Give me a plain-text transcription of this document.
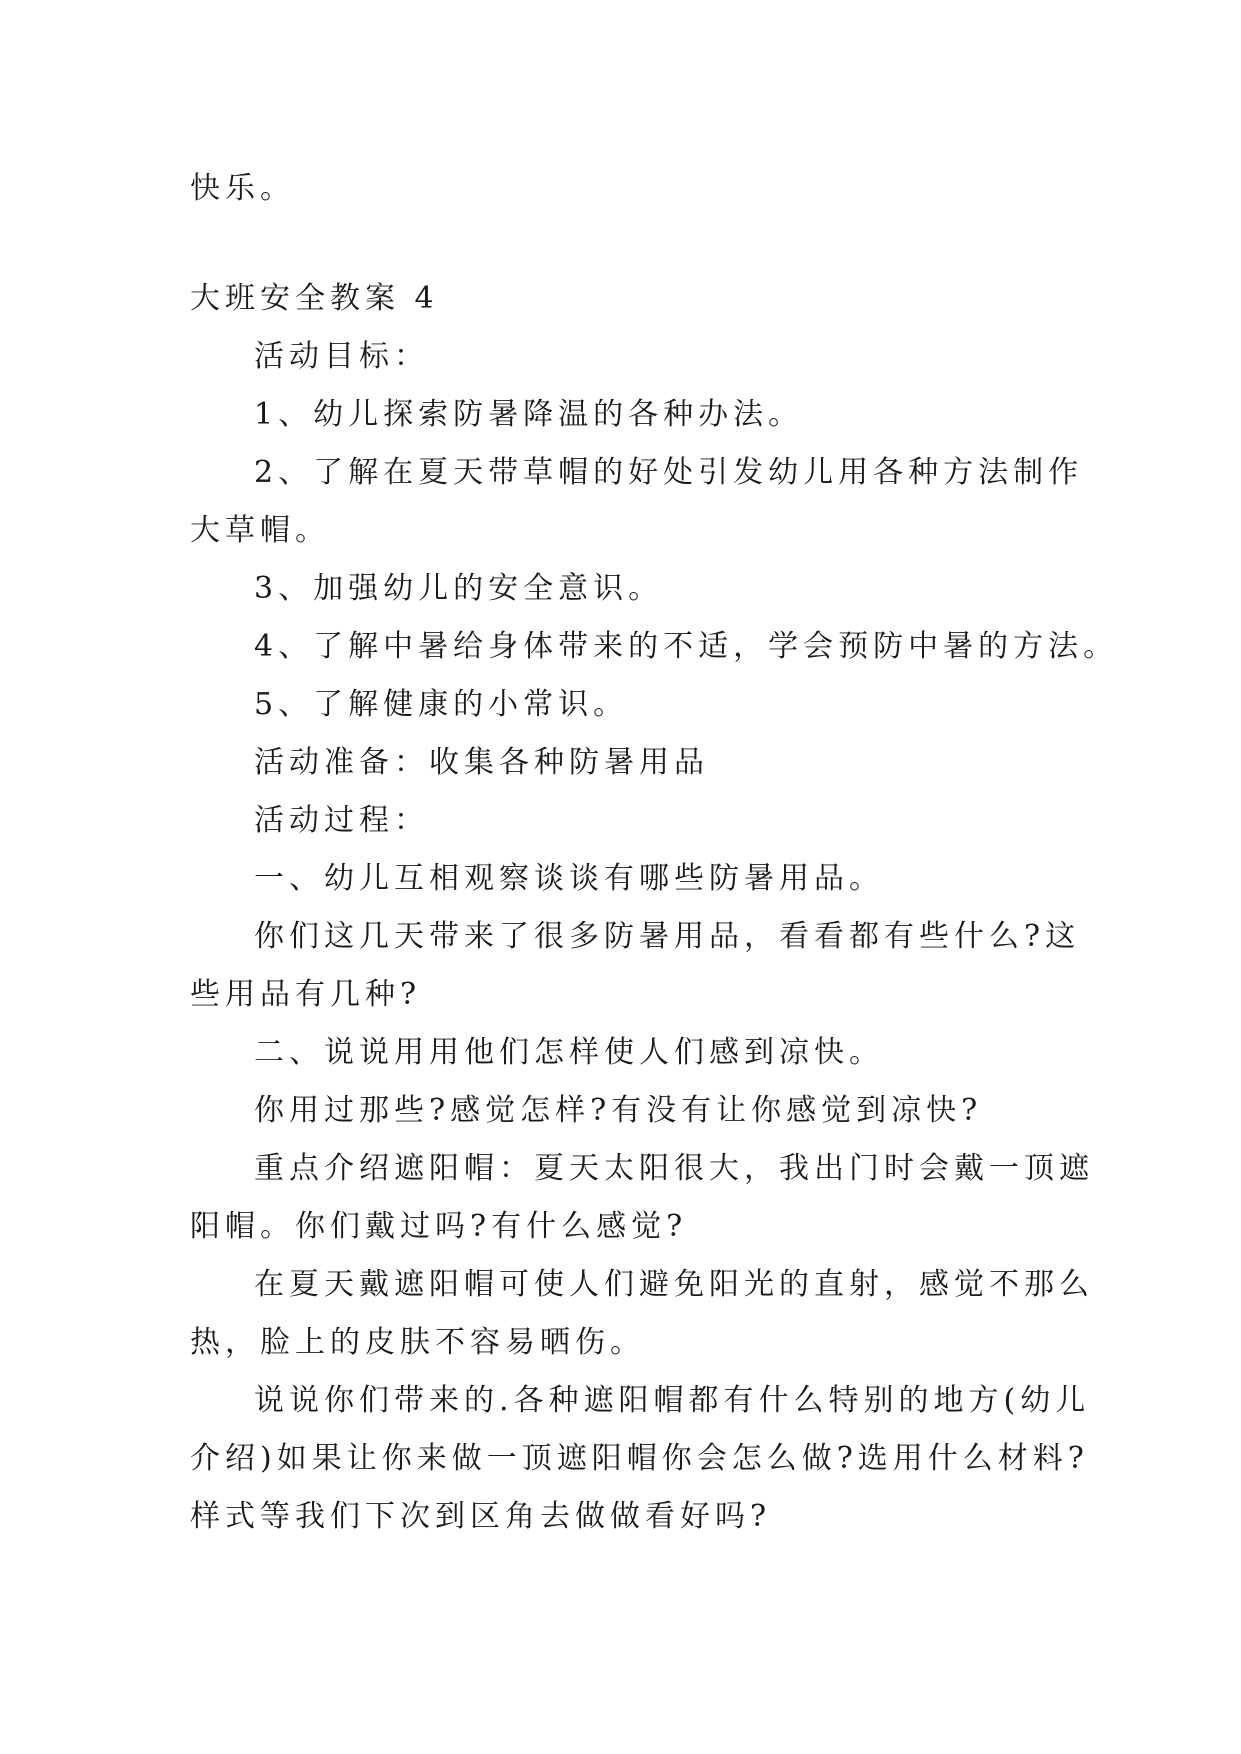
快乐。
大班安全教案 4
活动目标：
1、幼儿探索防暑降温的各种办法。
2、了解在夏天带草帽的好处引发幼儿用各种方法制作
大草帽。
3、加强幼儿的安全意识。
4、了解中暑给身体带来的不适，学会预防中暑的方法。
5、了解健康的小常识。
活动准备：收集各种防暑用品
活动过程：
一、幼儿互相观察谈谈有哪些防暑用品。
你们这几天带来了很多防暑用品，看看都有些什么?这
些用品有几种?
二、说说用用他们怎样使人们感到凉快。
你用过那些?感觉怎样?有没有让你感觉到凉快?
重点介绍遮阳帽：夏天太阳很大，我出门时会戴一顶遮
阳帽。你们戴过吗?有什么感觉?
在夏天戴遮阳帽可使人们避免阳光的直射，感觉不那么
热，脸上的皮肤不容易晒伤。
说说你们带来的.各种遮阳帽都有什么特别的地方(幼儿
介绍)如果让你来做一顶遮阳帽你会怎么做?选用什么材料?
样式等我们下次到区角去做做看好吗?
